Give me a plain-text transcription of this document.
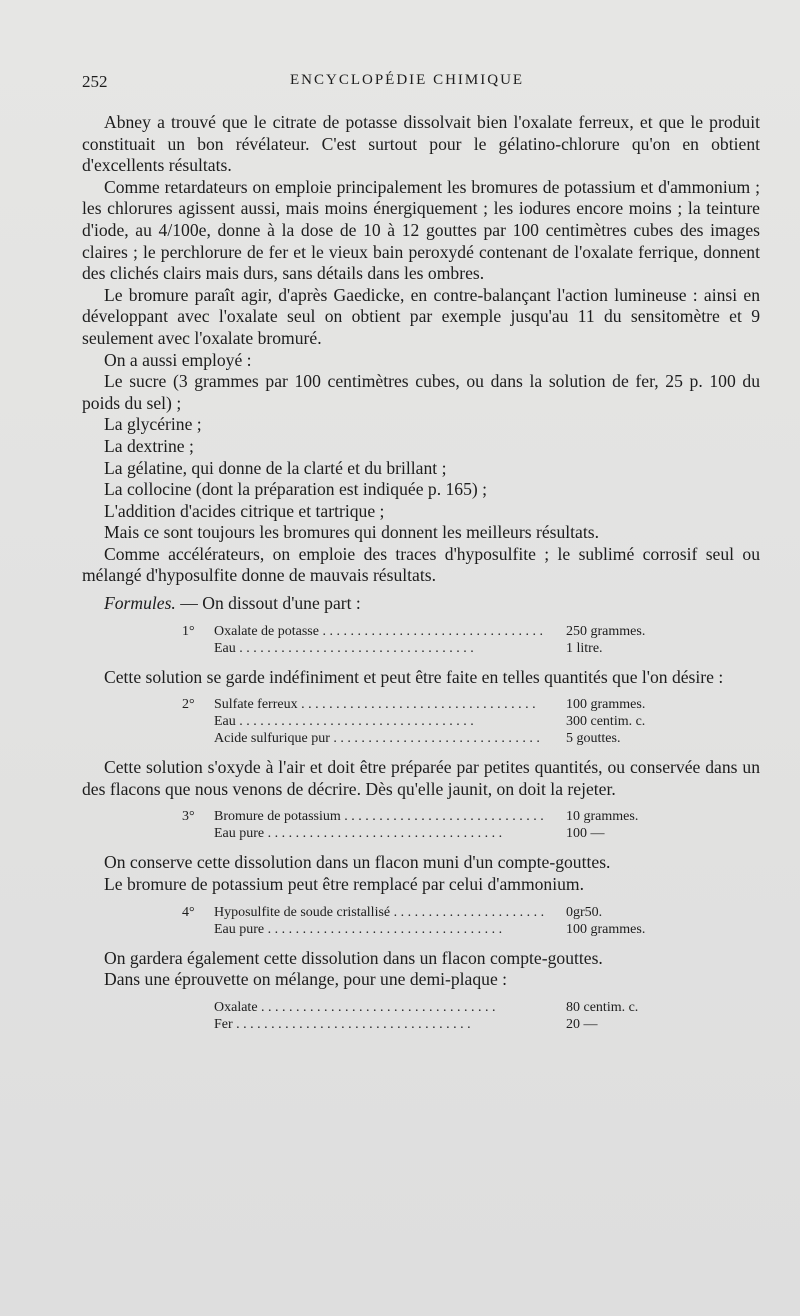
252	ENCYCLOPÉDIE CHIMIQUE

Abney a trouvé que le citrate de potasse dissolvait bien l'oxalate ferreux, et que le produit constituait un bon révélateur. C'est surtout pour le gélatino-chlorure qu'on en obtient d'excellents résultats.

Comme retardateurs on emploie principalement les bromures de potassium et d'ammonium ; les chlorures agissent aussi, mais moins énergiquement ; les iodures encore moins ; la teinture d'iode, au 4/100e, donne à la dose de 10 à 12 gouttes par 100 centimètres cubes des images claires ; le perchlorure de fer et le vieux bain peroxydé contenant de l'oxalate ferrique, donnent des clichés clairs mais durs, sans détails dans les ombres.

Le bromure paraît agir, d'après Gaedicke, en contre-balançant l'action lumineuse : ainsi en développant avec l'oxalate seul on obtient par exemple jusqu'au 11 du sensitomètre et 9 seulement avec l'oxalate bromuré.

On a aussi employé :

Le sucre (3 grammes par 100 centimètres cubes, ou dans la solution de fer, 25 p. 100 du poids du sel) ;

La glycérine ;

La dextrine ;

La gélatine, qui donne de la clarté et du brillant ;

La collocine (dont la préparation est indiquée p. 165) ;

L'addition d'acides citrique et tartrique ;

Mais ce sont toujours les bromures qui donnent les meilleurs résultats.

Comme accélérateurs, on emploie des traces d'hyposulfite ; le sublimé corrosif seul ou mélangé d'hyposulfite donne de mauvais résultats.

Formules. — On dissout d'une part :

1°	Oxalate de potasse . . .	250 grammes.
Eau . . .	1 litre.

Cette solution se garde indéfiniment et peut être faite en telles quantités que l'on désire :

2°	Sulfate ferreux . . .	100 grammes.
Eau . . .	300 centim. c.
Acide sulfurique pur . . .	5 gouttes.

Cette solution s'oxyde à l'air et doit être préparée par petites quantités, ou conservée dans un des flacons que nous venons de décrire. Dès qu'elle jaunit, on doit la rejeter.

3°	Bromure de potassium . . .	10 grammes.
Eau pure . . .	100 —

On conserve cette dissolution dans un flacon muni d'un compte-gouttes.

Le bromure de potassium peut être remplacé par celui d'ammonium.

4°	Hyposulfite de soude cristallisé . . .	0gr50.
Eau pure . . .	100 grammes.

On gardera également cette dissolution dans un flacon compte-gouttes.

Dans une éprouvette on mélange, pour une demi-plaque :

Oxalate . . .	80 centim. c.
Fer . . .	20 —
